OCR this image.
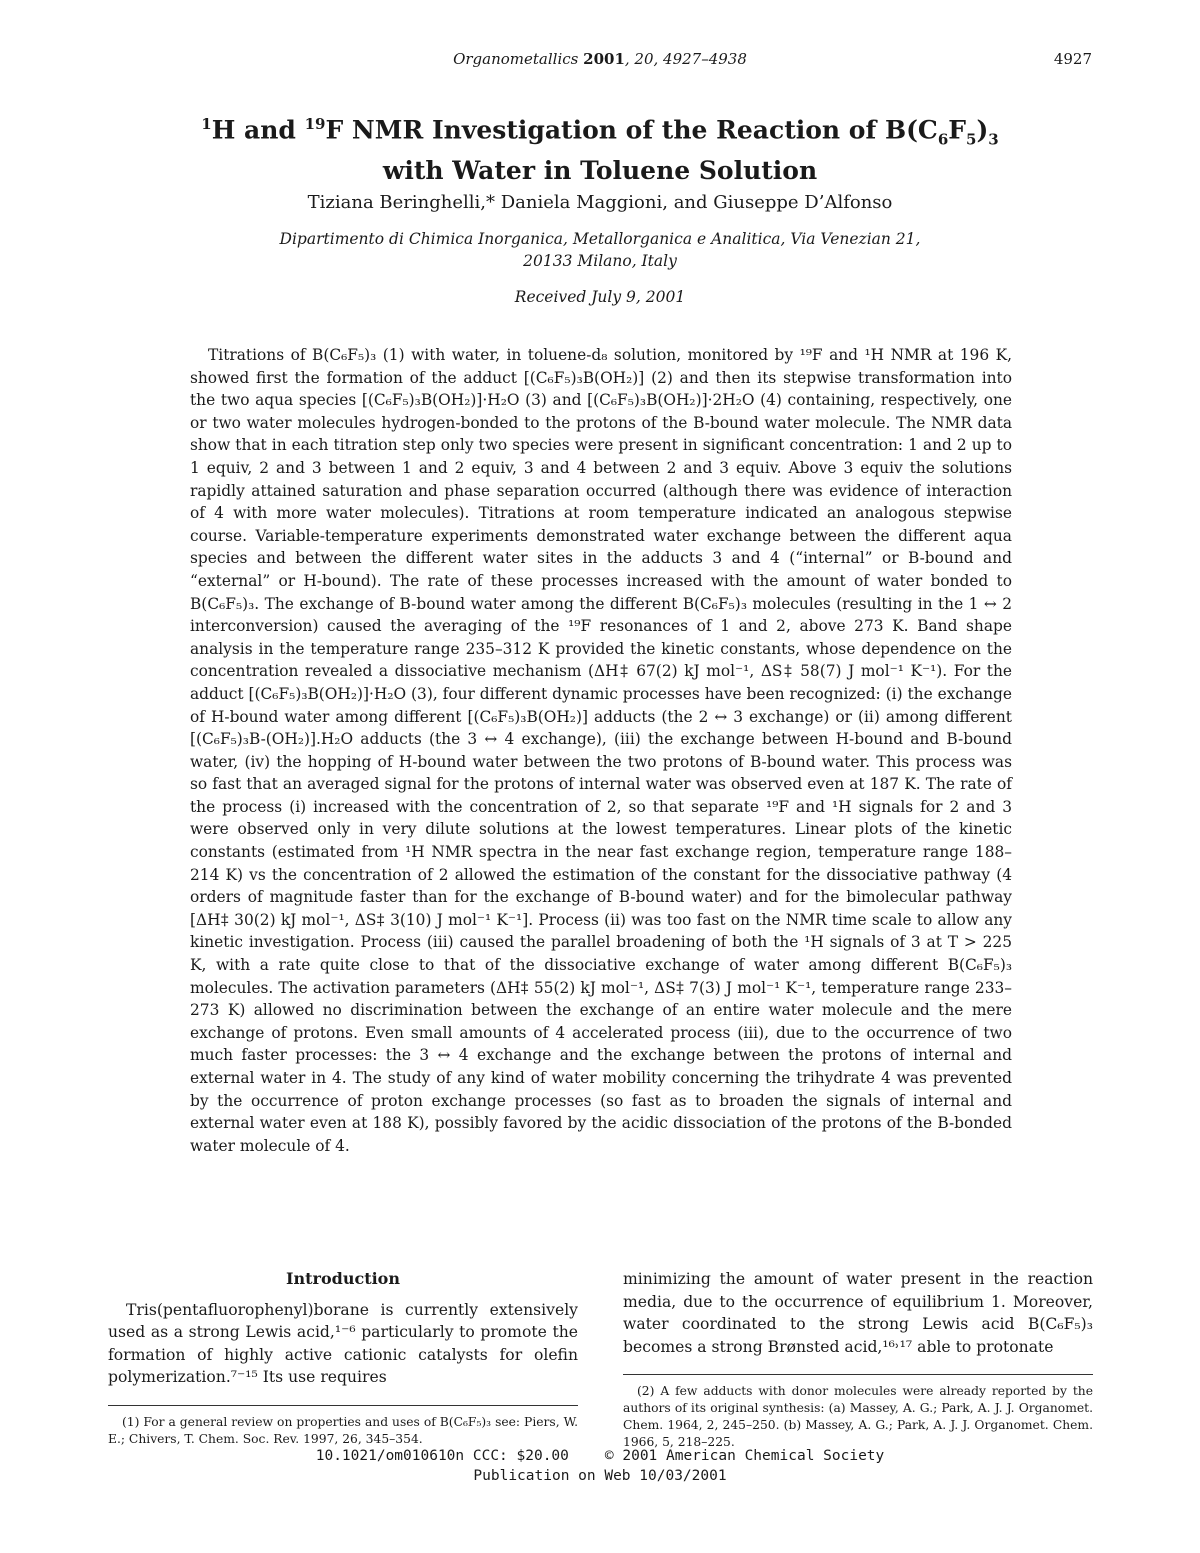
Organometallics 2001, 20, 4927–4938	4927
$^1$H and $^{19}$F NMR Investigation of the Reaction of $B(C_6F_5)_3$
with Water in Toluene Solution
Tiziana Beringhelli,* Daniela Maggioni, and Giuseppe D’Alfonso
Dipartimento di Chimica Inorganica, Metallorganica e Analitica, Via Venezian 21,
20133 Milano, Italy
Received July 9, 2001
Titrations of B(C₆F₅)₃ (1) with water, in toluene-d₈ solution, monitored by ¹⁹F and ¹H NMR at 196 K, showed first the formation of the adduct [(C₆F₅)₃B(OH₂)] (2) and then its stepwise transformation into the two aqua species [(C₆F₅)₃B(OH₂)]·H₂O (3) and [(C₆F₅)₃B(OH₂)]·2H₂O (4) containing, respectively, one or two water molecules hydrogen-bonded to the protons of the B-bound water molecule. The NMR data show that in each titration step only two species were present in significant concentration: 1 and 2 up to 1 equiv, 2 and 3 between 1 and 2 equiv, 3 and 4 between 2 and 3 equiv. Above 3 equiv the solutions rapidly attained saturation and phase separation occurred (although there was evidence of interaction of 4 with more water molecules). Titrations at room temperature indicated an analogous stepwise course. Variable-temperature experiments demonstrated water exchange between the different aqua species and between the different water sites in the adducts 3 and 4 (“internal” or B-bound and “external” or H-bound). The rate of these processes increased with the amount of water bonded to B(C₆F₅)₃. The exchange of B-bound water among the different B(C₆F₅)₃ molecules (resulting in the 1 ↔ 2 interconversion) caused the averaging of the ¹⁹F resonances of 1 and 2, above 273 K. Band shape analysis in the temperature range 235–312 K provided the kinetic constants, whose dependence on the concentration revealed a dissociative mechanism (ΔH‡ 67(2) kJ mol⁻¹, ΔS‡ 58(7) J mol⁻¹ K⁻¹). For the adduct [(C₆F₅)₃B(OH₂)]·H₂O (3), four different dynamic processes have been recognized: (i) the exchange of H-bound water among different [(C₆F₅)₃B(OH₂)] adducts (the 2 ↔ 3 exchange) or (ii) among different [(C₆F₅)₃B-(OH₂)].H₂O adducts (the 3 ↔ 4 exchange), (iii) the exchange between H-bound and B-bound water, (iv) the hopping of H-bound water between the two protons of B-bound water. This process was so fast that an averaged signal for the protons of internal water was observed even at 187 K. The rate of the process (i) increased with the concentration of 2, so that separate ¹⁹F and ¹H signals for 2 and 3 were observed only in very dilute solutions at the lowest temperatures. Linear plots of the kinetic constants (estimated from ¹H NMR spectra in the near fast exchange region, temperature range 188–214 K) vs the concentration of 2 allowed the estimation of the constant for the dissociative pathway (4 orders of magnitude faster than for the exchange of B-bound water) and for the bimolecular pathway [ΔH‡ 30(2) kJ mol⁻¹, ΔS‡ 3(10) J mol⁻¹ K⁻¹]. Process (ii) was too fast on the NMR time scale to allow any kinetic investigation. Process (iii) caused the parallel broadening of both the ¹H signals of 3 at T > 225 K, with a rate quite close to that of the dissociative exchange of water among different B(C₆F₅)₃ molecules. The activation parameters (ΔH‡ 55(2) kJ mol⁻¹, ΔS‡ 7(3) J mol⁻¹ K⁻¹, temperature range 233–273 K) allowed no discrimination between the exchange of an entire water molecule and the mere exchange of protons. Even small amounts of 4 accelerated process (iii), due to the occurrence of two much faster processes: the 3 ↔ 4 exchange and the exchange between the protons of internal and external water in 4. The study of any kind of water mobility concerning the trihydrate 4 was prevented by the occurrence of proton exchange processes (so fast as to broaden the signals of internal and external water even at 188 K), possibly favored by the acidic dissociation of the protons of the B-bonded water molecule of 4.
Introduction

Tris(pentafluorophenyl)borane is currently extensively used as a strong Lewis acid,¹⁻⁶ particularly to promote the formation of highly active cationic catalysts for olefin polymerization.⁷⁻¹⁵ Its use requires

(1) For a general review on properties and uses of B(C₆F₅)₃ see: Piers, W. E.; Chivers, T. Chem. Soc. Rev. 1997, 26, 345–354.

minimizing the amount of water present in the reaction media, due to the occurrence of equilibrium 1. Moreover, water coordinated to the strong Lewis acid B(C₆F₅)₃ becomes a strong Brønsted acid,¹⁶˒¹⁷ able to protonate

(2) A few adducts with donor molecules were already reported by the authors of its original synthesis: (a) Massey, A. G.; Park, A. J. J. Organomet. Chem. 1964, 2, 245–250. (b) Massey, A. G.; Park, A. J. J. Organomet. Chem. 1966, 5, 218–225.

10.1021/om010610n CCC: $20.00 © 2001 American Chemical Society
Publication on Web 10/03/2001
